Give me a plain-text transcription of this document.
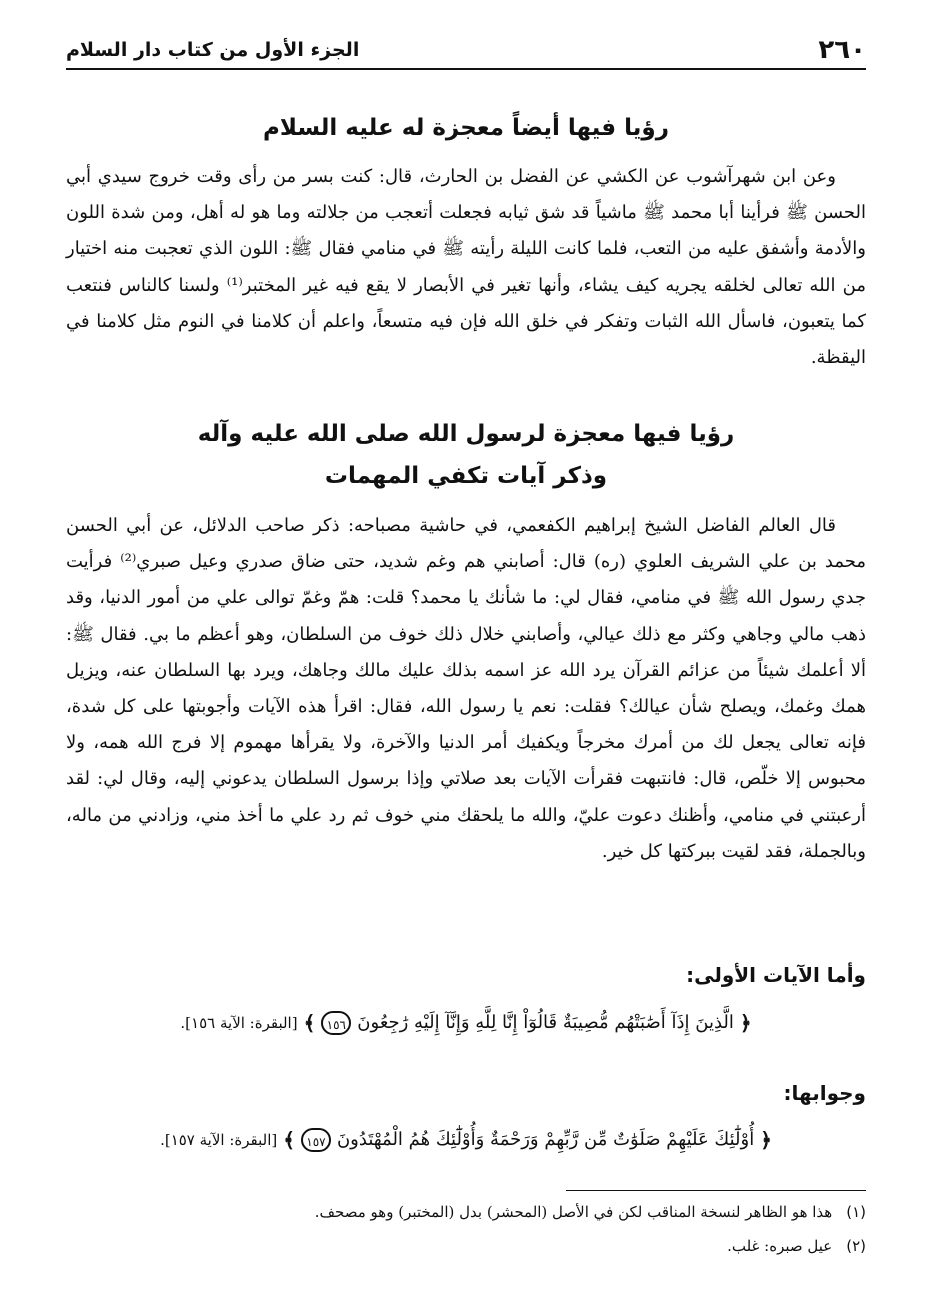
٢٦٠
الجزء الأول من كتاب دار السلام
رؤيا فيها أيضاً معجزة له عليه السلام

وعن ابن شهرآشوب عن الكشي عن الفضل بن الحارث، قال: كنت بسر من رأى وقت خروج سيدي أبي الحسن ﷺ فرأينا أبا محمد ﷺ ماشياً قد شق ثيابه فجعلت أتعجب من جلالته وما هو له أهل، ومن شدة اللون والأدمة وأشفق عليه من التعب، فلما كانت الليلة رأيته ﷺ في منامي فقال ﷺ: اللون الذي تعجبت منه اختيار من الله تعالى لخلقه يجريه كيف يشاء، وأنها تغير في الأبصار لا يقع فيه غير المختبر⁽¹⁾ ولسنا كالناس فنتعب كما يتعبون، فاسأل الله الثبات وتفكر في خلق الله فإن فيه متسعاً، واعلم أن كلامنا في النوم مثل كلامنا في اليقظة.

رؤيا فيها معجزة لرسول الله صلى الله عليه وآله
وذكر آيات تكفي المهمات

قال العالم الفاضل الشيخ إبراهيم الكفعمي، في حاشية مصباحه: ذكر صاحب الدلائل، عن أبي الحسن محمد بن علي الشريف العلوي (ره) قال: أصابني هم وغم شديد، حتى ضاق صدري وعيل صبري⁽²⁾ فرأيت جدي رسول الله ﷺ في منامي، فقال لي: ما شأنك يا محمد؟ قلت: همّ وغمّ توالى علي من أمور الدنيا، وقد ذهب مالي وجاهي وكثر مع ذلك عيالي، وأصابني خلال ذلك خوف من السلطان، وهو أعظم ما بي. فقال ﷺ: ألا أعلمك شيئاً من عزائم القرآن يرد الله عز اسمه بذلك عليك مالك وجاهك، ويرد بها السلطان عنه، ويزيل همك وغمك، ويصلح شأن عيالك؟ فقلت: نعم يا رسول الله، فقال: اقرأ هذه الآيات وأجوبتها على كل شدة، فإنه تعالى يجعل لك من أمرك مخرجاً ويكفيك أمر الدنيا والآخرة، ولا يقرأها مهموم إلا فرج الله همه، ولا محبوس إلا خلّص، قال: فانتبهت فقرأت الآيات بعد صلاتي وإذا برسول السلطان يدعوني إليه، وقال لي: لقد أرعبتني في منامي، وأظنك دعوت عليّ، والله ما يلحقك مني خوف ثم رد علي ما أخذ مني، وزادني من ماله، وبالجملة، فقد لقيت ببركتها كل خير.

وأما الآيات الأولى:
﴿
الَّذِينَ إِذَآ أَصَٰبَتْهُم مُّصِيبَةٌ قَالُوٓاْ إِنَّا لِلَّهِ وَإِنَّآ إِلَيْهِ رَٰجِعُونَ
١٥٦
﴾
[البقرة: الآية ١٥٦].
وجوابها:
﴿
أُوْلَٰٓئِكَ عَلَيْهِمْ صَلَوَٰتٌ مِّن رَّبِّهِمْ وَرَحْمَةٌ وَأُوْلَٰٓئِكَ هُمُ الْمُهْتَدُونَ
١٥٧
﴾
[البقرة: الآية ١٥٧].
(١)
هذا هو الظاهر لنسخة المناقب لكن في الأصل (المحشر) بدل (المختبر) وهو مصحف.
(٢)
عيل صبره: غلب.
